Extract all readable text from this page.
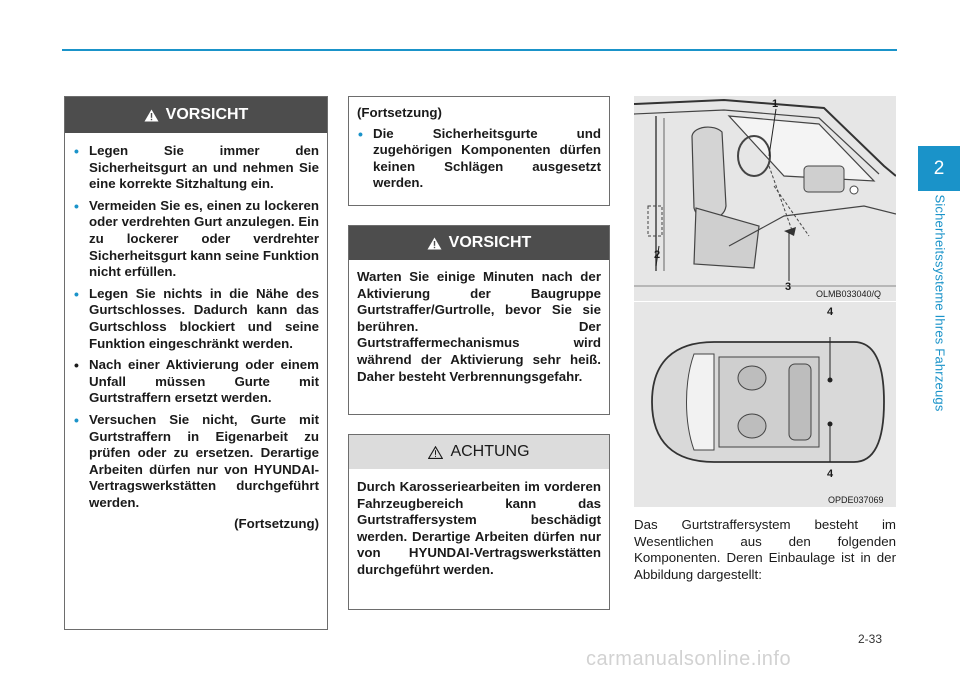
2
Sicherheitssysteme Ihres Fahrzeugs
VORSICHT
• Legen Sie immer den Sicherheitsgurt an und nehmen Sie eine korrekte Sitzhaltung ein.
• Vermeiden Sie es, einen zu lockeren oder verdrehten Gurt anzulegen. Ein zu lockerer oder verdrehter Sicherheitsgurt kann seine Funktion nicht erfüllen.
• Legen Sie nichts in die Nähe des Gurtschlosses. Dadurch kann das Gurtschloss blockiert und seine Funktion eingeschränkt werden.
• Nach einer Aktivierung oder einem Unfall müssen Gurte mit Gurtstraffern ersetzt werden.
• Versuchen Sie nicht, Gurte mit Gurtstraffern in Eigenarbeit zu prüfen oder zu ersetzen. Derartige Arbeiten dürfen nur von HYUNDAI-Vertragswerkstätten durchgeführt werden.
(Fortsetzung)
(Fortsetzung)
• Die Sicherheitsgurte und zugehörigen Komponenten dürfen keinen Schlägen ausgesetzt werden.
VORSICHT

Warten Sie einige Minuten nach der Aktivierung der Baugruppe Gurtstraffer/Gurtrolle, bevor Sie sie berühren. Der Gurtstraffermechanismus wird während der Aktivierung sehr heiß. Daher besteht Verbrennungsgefahr.

ACHTUNG

Durch Karosseriearbeiten im vorderen Fahrzeugbereich kann das Gurtstraffersystem beschädigt werden. Derartige Arbeiten dürfen nur von HYUNDAI-Vertragswerkstätten durchgeführt werden.

1
2
3
OLMB033040/Q
4
4
OPDE037069
Das Gurtstraffersystem besteht im Wesentlichen aus den folgenden Komponenten. Deren Einbaulage ist in der Abbildung dargestellt:
2-33
carmanualsonline.info
